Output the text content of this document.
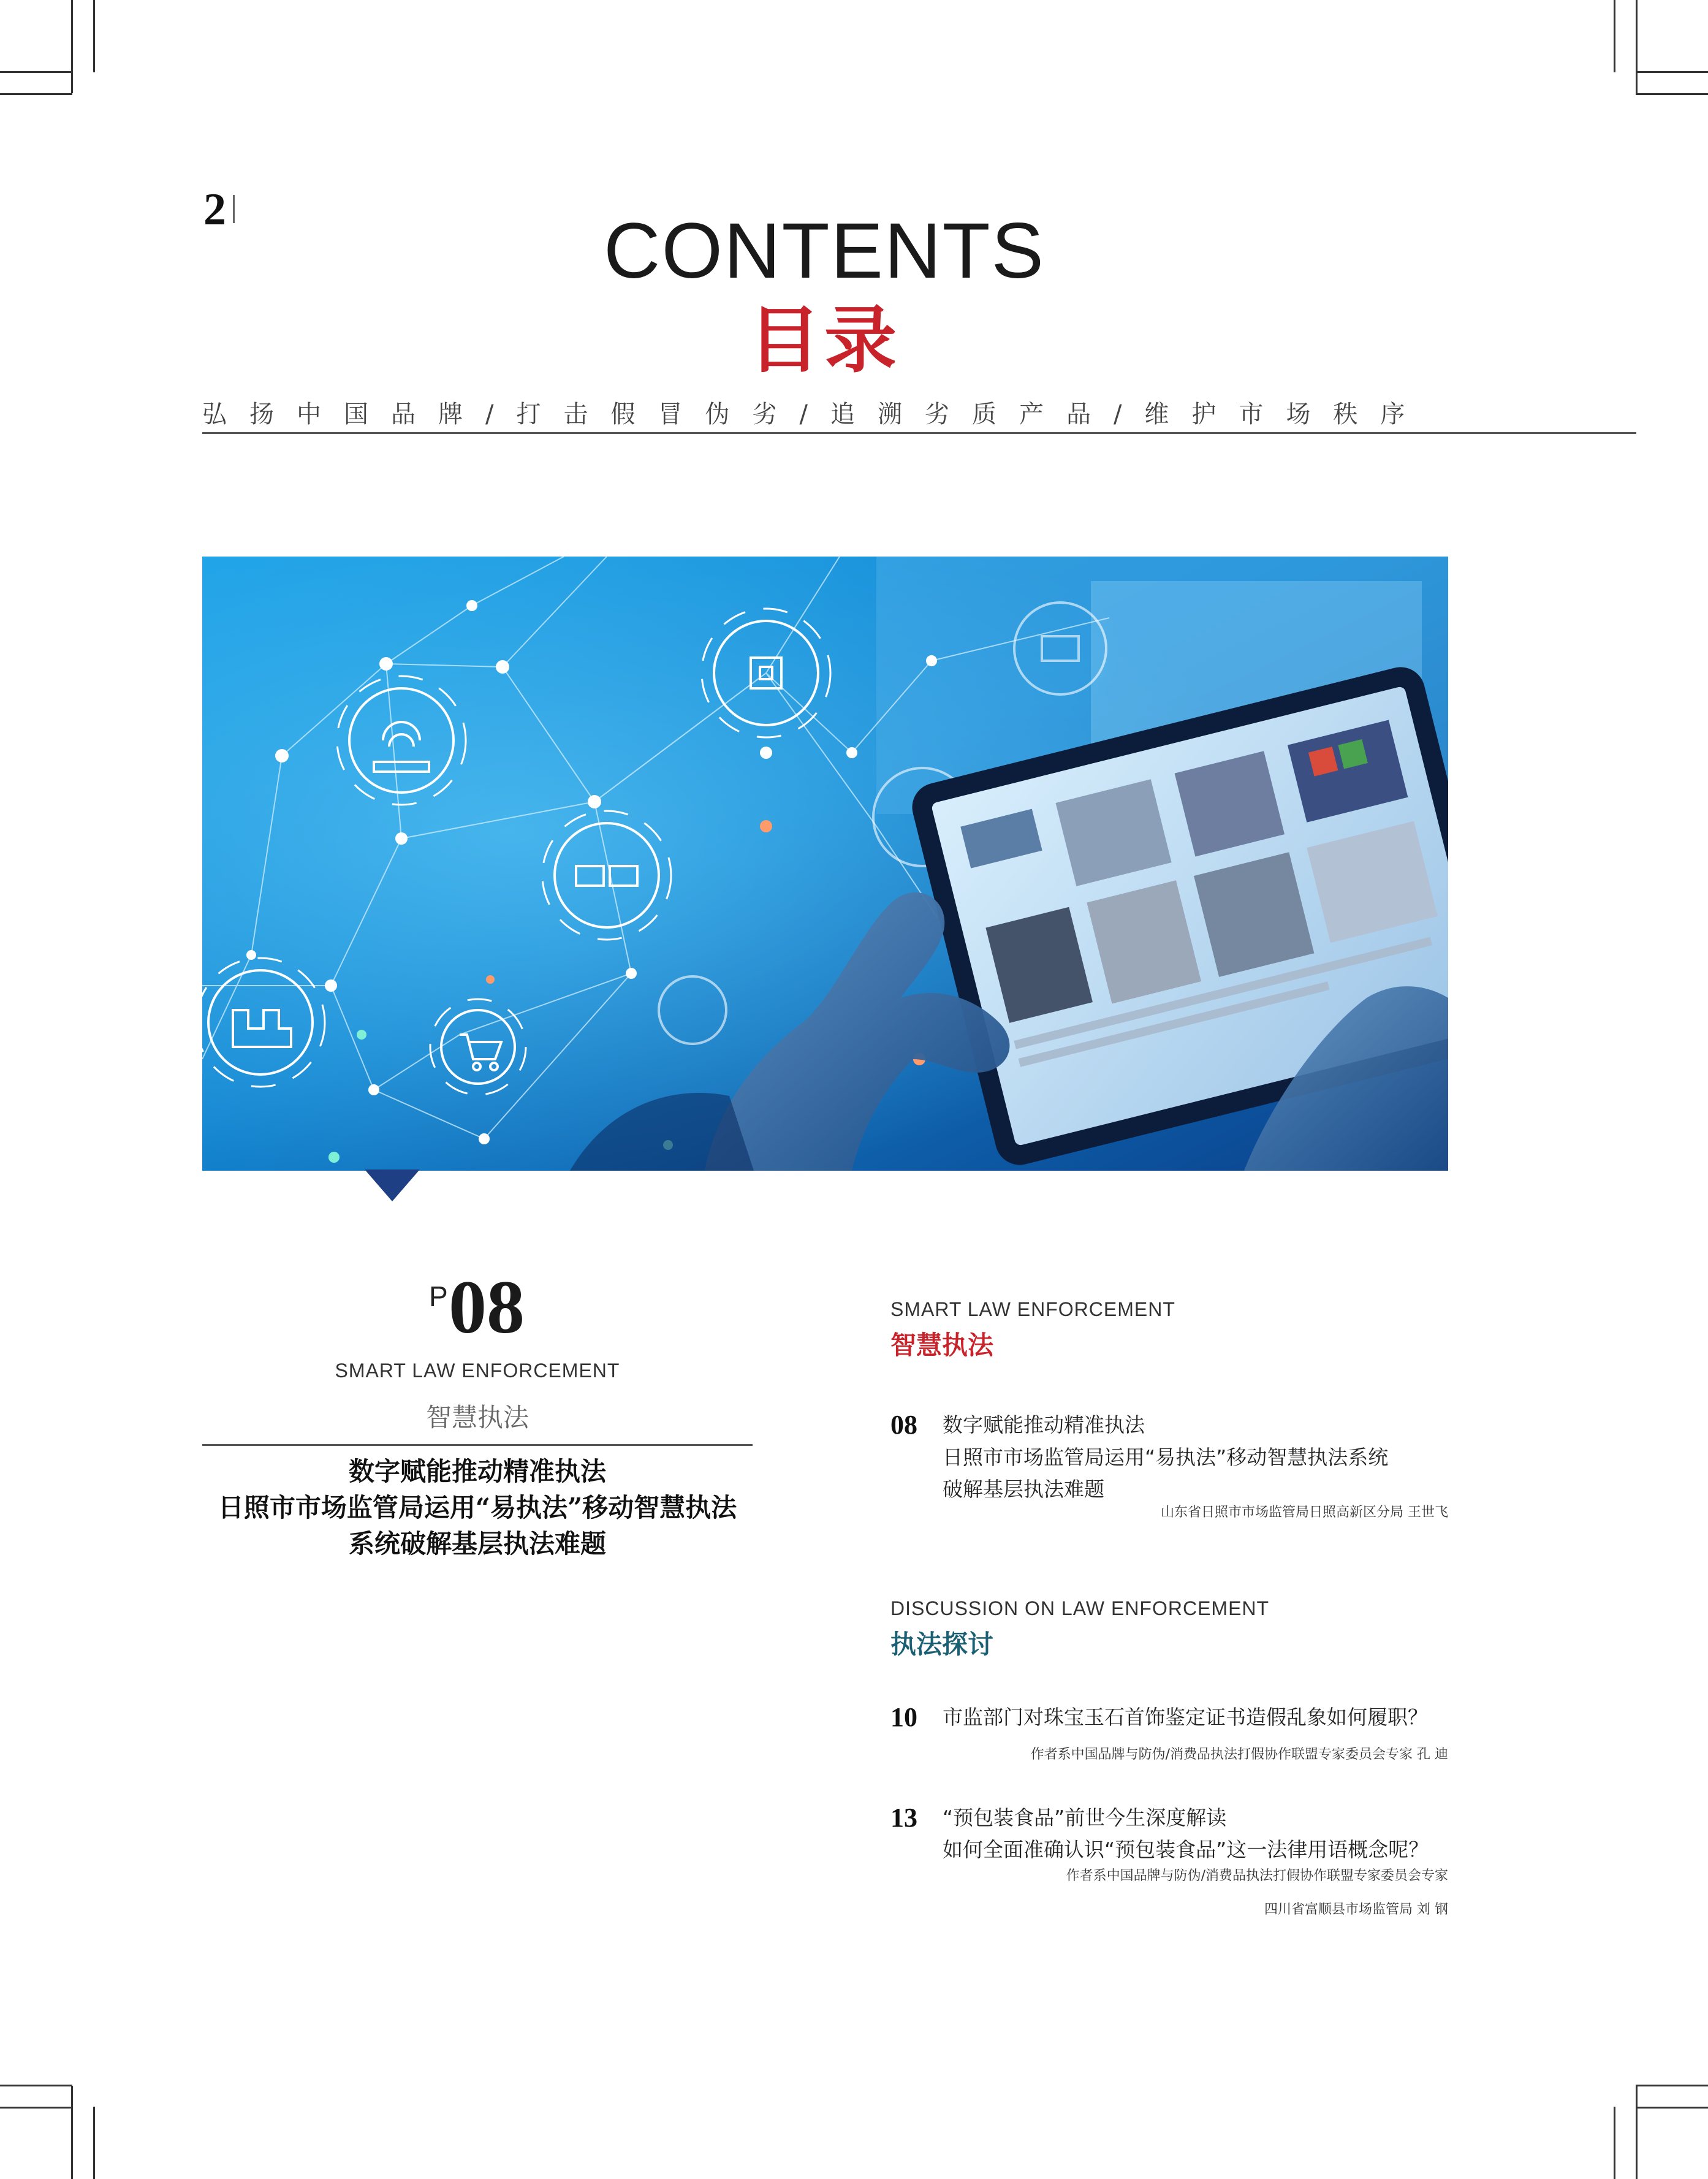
2	CONTENTS
目录
弘扬中国品牌/打击假冒伪劣/追溯劣质产品/维护市场秩序
P 08
SMART LAW ENFORCEMENT
智慧执法
数字赋能推动精准执法
日照市市场监管局运用“易执法”移动智慧执法
系统破解基层执法难题
SMART LAW ENFORCEMENT
智慧执法
08 数字赋能推动精准执法
日照市市场监管局运用“易执法”移动智慧执法系统
破解基层执法难题
山东省日照市市场监管局日照高新区分局 王世飞
DISCUSSION ON LAW ENFORCEMENT
执法探讨
10 市监部门对珠宝玉石首饰鉴定证书造假乱象如何履职？
作者系中国品牌与防伪/消费品执法打假协作联盟专家委员会专家 孔 迪
13 “预包装食品”前世今生深度解读
如何全面准确认识“预包装食品”这一法律用语概念呢？
作者系中国品牌与防伪/消费品执法打假协作联盟专家委员会专家
四川省富顺县市场监管局 刘 钢
